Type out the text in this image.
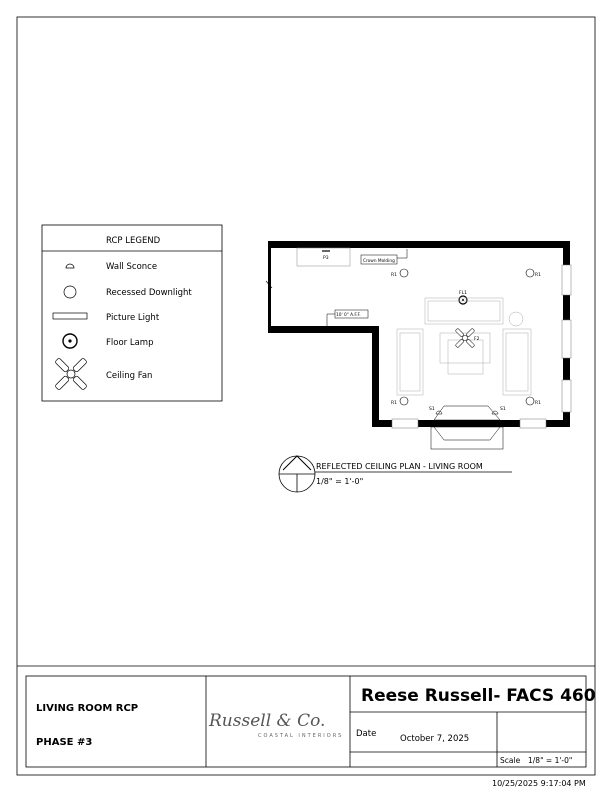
RCP LEGEND
Wall Sconce
Recessed Downlight
Picture Light
Floor Lamp
Ceiling Fan
P3
Crown Molding
10' 0" A.F.F.
R1	R1
R1	R1
FL1
F2
S1	S1
REFLECTED CEILING PLAN - LIVING ROOM
1/8" = 1'-0"
LIVING ROOM RCP
PHASE #3
Russell & Co.
COASTAL INTERIORS
Reese Russell- FACS 460
Date	October 7, 2025
Scale 1/8" = 1'-0"
10/25/2025 9:17:04 PM
